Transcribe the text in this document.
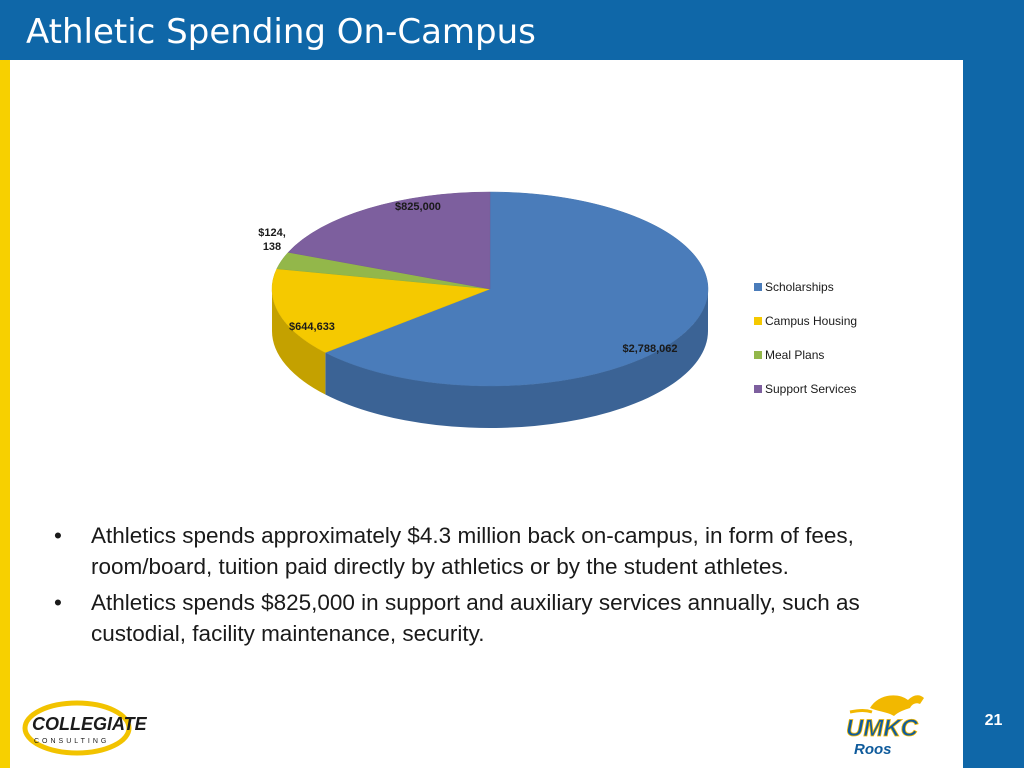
Athletic Spending On-Campus
21
$2,788,062
$644,633
$124, 138
$825,000
Scholarships
Campus Housing
Meal Plans
Support Services
• Athletics spends approximately $4.3 million back on-campus, in form of fees, room/board, tuition paid directly by athletics or by the student athletes.
• Athletics spends $825,000 in support and auxiliary services annually, such as custodial, facility maintenance, security.
COLLEGIATE
CONSULTING	UMKC
Roos
